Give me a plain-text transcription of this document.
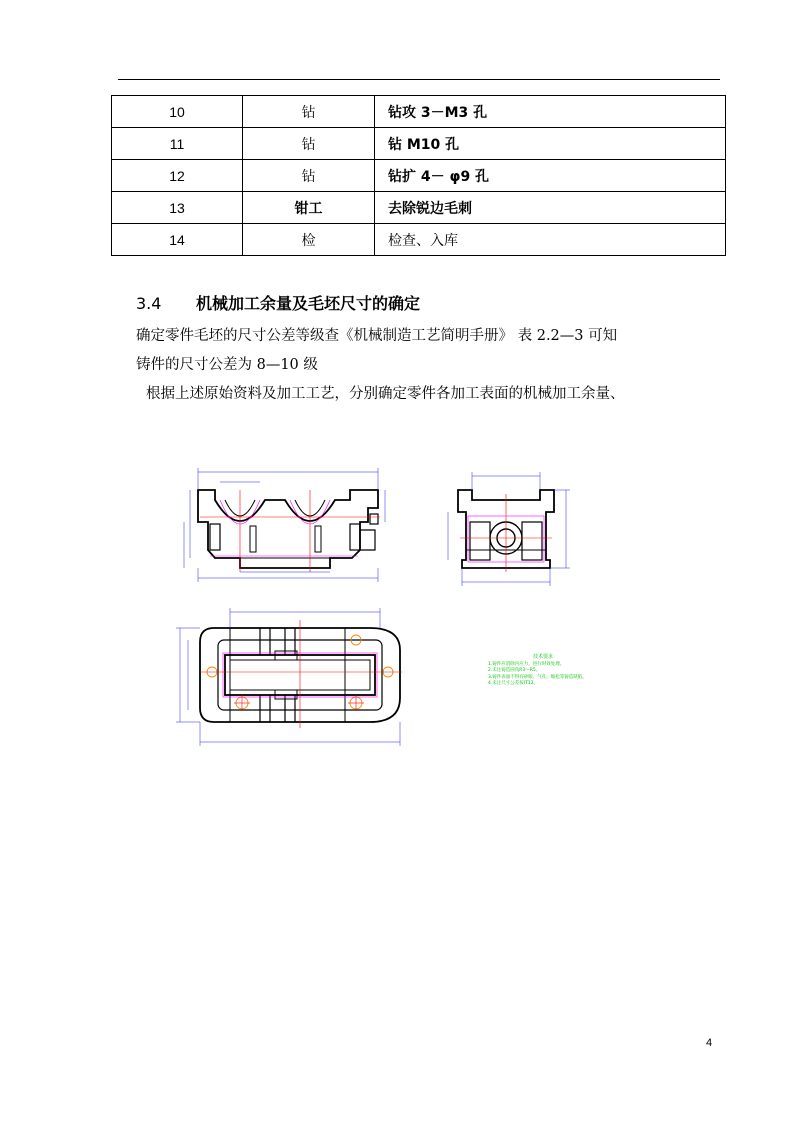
10	钻	钻攻 3－M3 孔
11	钻	钻 M10 孔
12	钻	钻扩 4－ φ9 孔
13	钳工	去除锐边毛刺
14	检	检查、入库
3.4 机械加工余量及毛坯尺寸的确定
确定零件毛坯的尺寸公差等级查《机械制造工艺简明手册》 表 2.2—3 可知
铸件的尺寸公差为 8—10 级
根据上述原始资料及加工工艺，分别确定零件各加工表面的机械加工余量、
技术要求
1.铸件应消除内应力，进行时效处理。
2.未注铸造圆角R3～R5。
3.铸件表面不得有砂眼、气孔、缩松等铸造缺陷。
4.未注尺寸公差按IT12。
4
